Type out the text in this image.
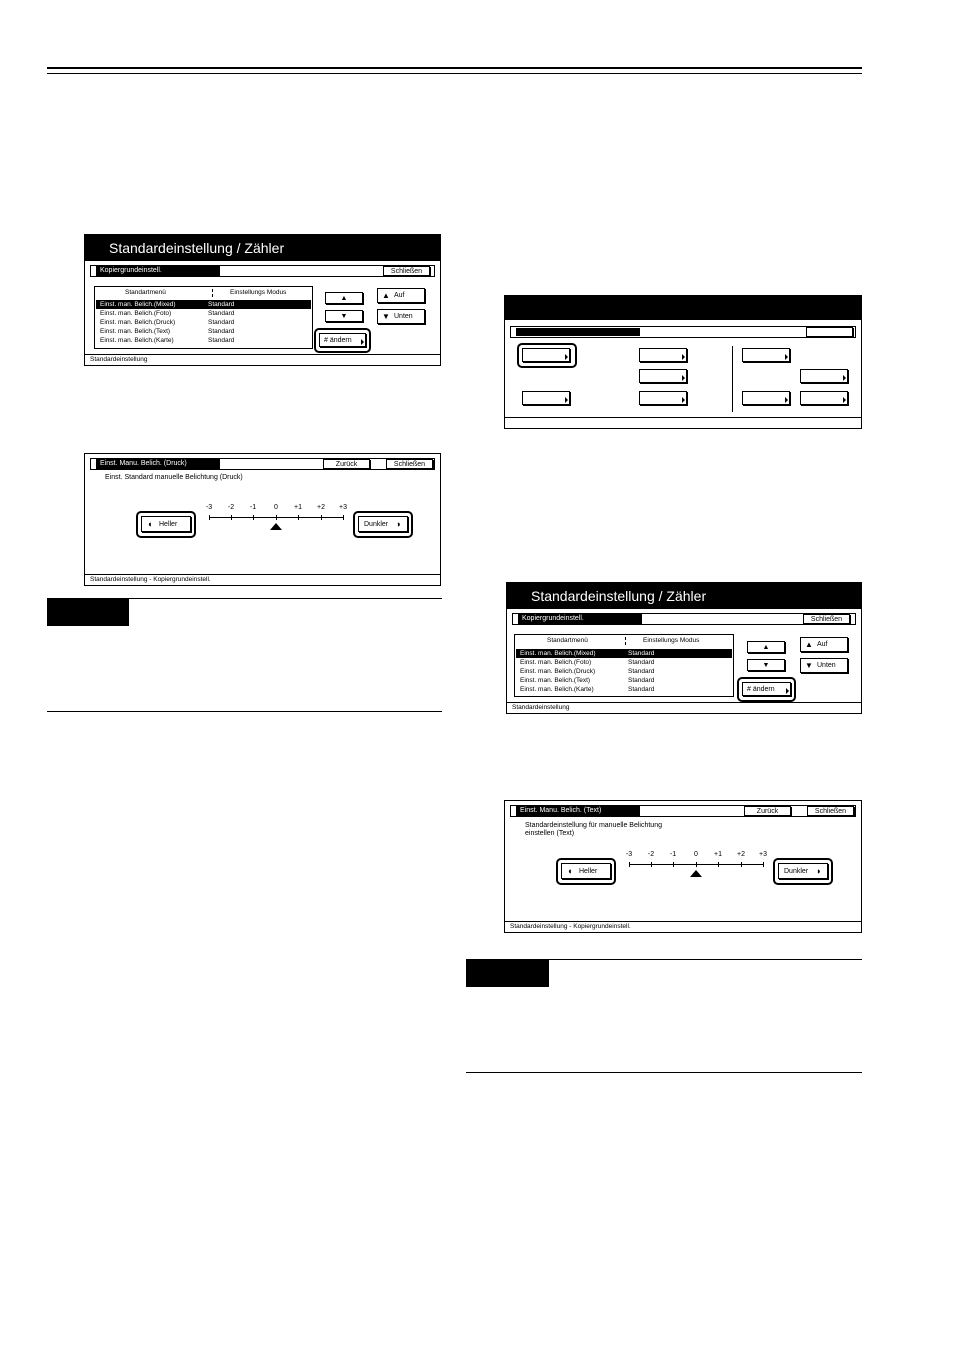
Standardeinstellung / Zähler
Kopiergrundeinstell.	Schließen
Standartmenü	Einstellungs Modus
Einst. man. Belich.(Mixed)	Standard
Einst. man. Belich.(Foto)	Standard
Einst. man. Belich.(Druck)	Standard
Einst. man. Belich.(Text)	Standard
Einst. man. Belich.(Karte)	Standard
▲
▼
▲ Auf
▼ Unten
# ändern
Standardeinstellung
Einst. Manu. Belich. (Druck)	Zurück	Schließen
Einst. Standard manuelle Belichtung (Druck)
◖ Heller	Dunkler ◗
-3	-2	-1	0	+1	+2	+3
Standardeinstellung - Kopiergrundeinstell.
Standardeinstellung / Zähler
Kopiergrundeinstell.	Schließen
Standartmenü	Einstellungs Modus
Einst. man. Belich.(Mixed)	Standard
Einst. man. Belich.(Foto)	Standard
Einst. man. Belich.(Druck)	Standard
Einst. man. Belich.(Text)	Standard
Einst. man. Belich.(Karte)	Standard
▲
▼
▲ Auf
▼ Unten
# ändern
Standardeinstellung
Einst. Manu. Belich. (Text)	Zurück	Schließen
Standardeinstellung für manuelle Belichtung
einstellen (Text)
◖ Heller	Dunkler ◗
-3	-2	-1	0	+1	+2	+3
Standardeinstellung - Kopiergrundeinstell.
